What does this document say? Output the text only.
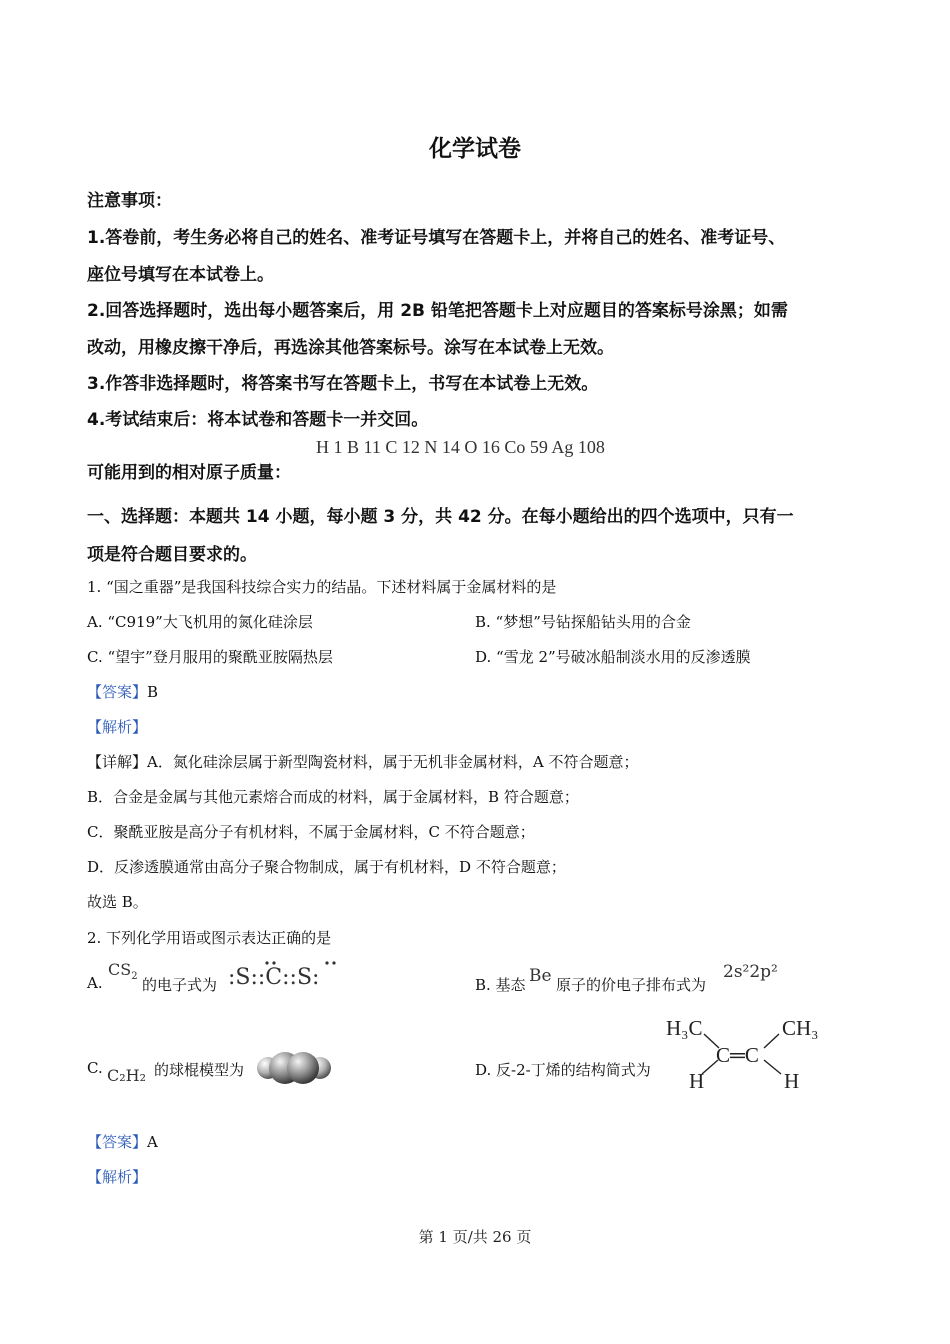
化学试卷
注意事项：
1.答卷前，考生务必将自己的姓名、准考证号填写在答题卡上，并将自己的姓名、准考证号、
座位号填写在本试卷上。
2.回答选择题时，选出每小题答案后，用 2B 铅笔把答题卡上对应题目的答案标号涂黑；如需
改动，用橡皮擦干净后，再选涂其他答案标号。涂写在本试卷上无效。
3.作答非选择题时，将答案书写在答题卡上，书写在本试卷上无效。
4.考试结束后：将本试卷和答题卡一并交回。
H 1 B 11 C 12 N 14 O 16 Co 59 Ag 108
可能用到的相对原子质量：
一、选择题：本题共 14 小题，每小题 3 分，共 42 分。在每小题给出的四个选项中，只有一
项是符合题目要求的。
1. “国之重器”是我国科技综合实力的结晶。下述材料属于金属材料的是
A. “C919”大飞机用的氮化硅涂层	B. “梦想”号钻探船钻头用的合金
C. “望宇”登月服用的聚酰亚胺隔热层	D. “雪龙 2”号破冰船制淡水用的反渗透膜
【答案】B
【解析】
【详解】A．氮化硅涂层属于新型陶瓷材料，属于无机非金属材料，A 不符合题意；
B．合金是金属与其他元素熔合而成的材料，属于金属材料，B 符合题意；
C．聚酰亚胺是高分子有机材料，不属于金属材料，C 不符合题意；
D．反渗透膜通常由高分子聚合物制成，属于有机材料，D 不符合题意；
故选 B。
2. 下列化学用语或图示表达正确的是
A.
$CS_2$ 的电子式为 :S::C::S:	B. 基态 Be 原子的价电子排布式为
2s²2p²
C. C₂H₂ 的球棍模型为	D. 反-2-丁烯的结构简式为
H₃C	CH₃
C═C
H	H
【答案】A
【解析】
第 1 页/共 26 页
